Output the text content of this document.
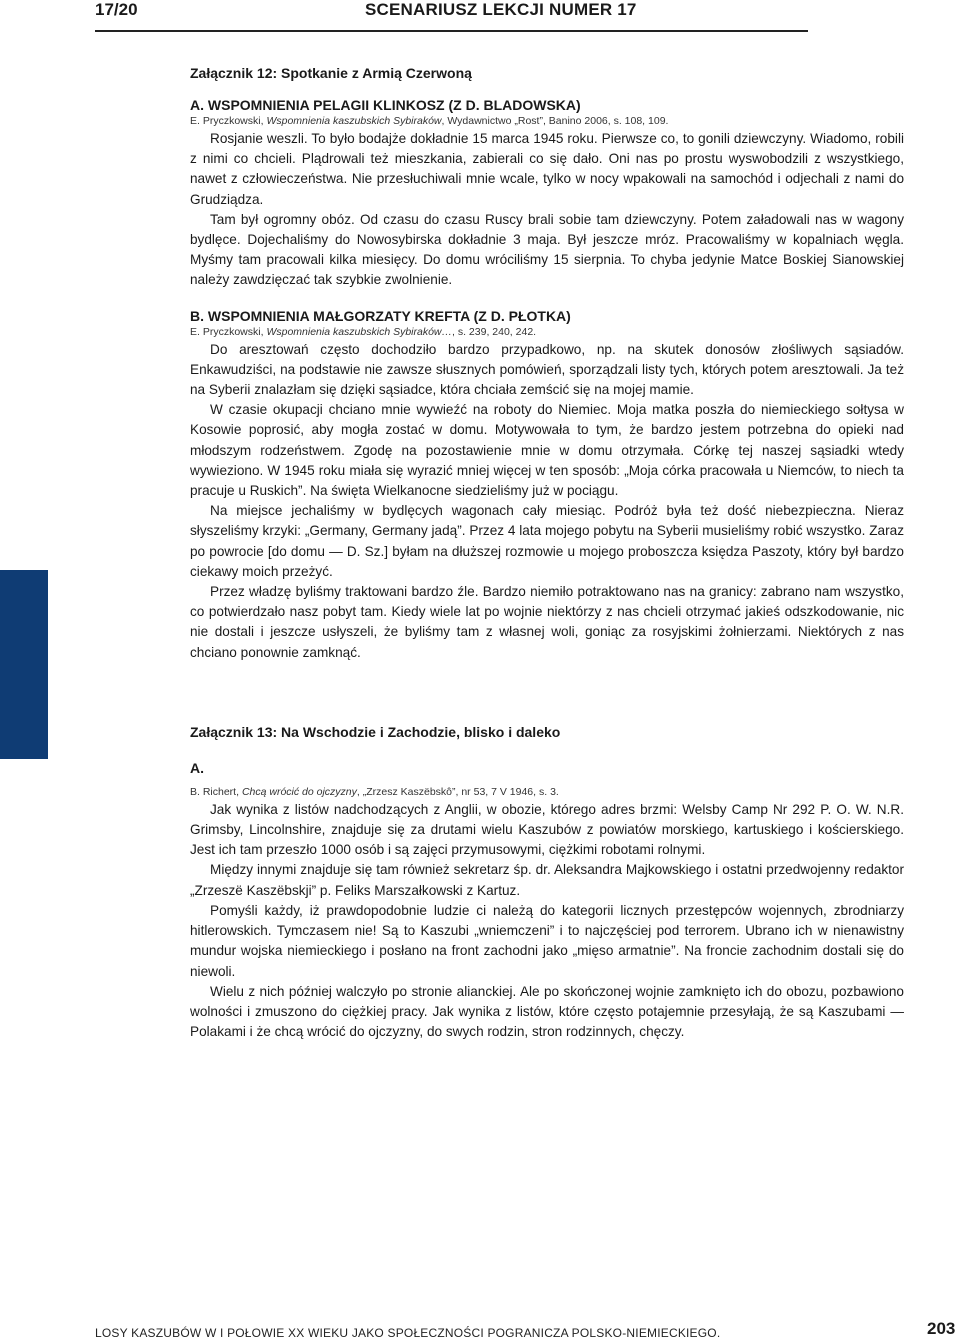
17/20	SCENARIUSZ LEKCJI NUMER 17
Załącznik 12: Spotkanie z Armią Czerwoną
A. WSPOMNIENIA PELAGII KLINKOSZ (Z D. BLADOWSKA)

E. Pryczkowski, Wspomnienia kaszubskich Sybiraków, Wydawnictwo „Rost”, Banino 2006, s. 108, 109.

Rosjanie weszli. To było bodajże dokładnie 15 marca 1945 roku. Pierwsze co, to gonili dziewczyny. Wiadomo, robili z nimi co chcieli. Plądrowali też mieszkania, zabierali co się dało. Oni nas po prostu wyswobodzili z wszystkiego, nawet z człowieczeństwa. Nie przesłuchiwali mnie wcale, tylko w nocy wpakowali na samochód i odjechali z nami do Grudziądza.

Tam był ogromny obóz. Od czasu do czasu Ruscy brali sobie tam dziewczyny. Potem załadowali nas w wagony bydlęce. Dojechaliśmy do Nowosybirska dokładnie 3 maja. Był jeszcze mróz. Pracowaliśmy w kopalniach węgla. Myśmy tam pracowali kilka miesięcy. Do domu wróciliśmy 15 sierpnia. To chyba jedynie Matce Boskiej Sianowskiej należy zawdzięczać tak szybkie zwolnienie.

B. WSPOMNIENIA MAŁGORZATY KREFTA (Z D. PŁOTKA)

E. Pryczkowski, Wspomnienia kaszubskich Sybiraków…, s. 239, 240, 242.

Do aresztowań często dochodziło bardzo przypadkowo, np. na skutek donosów złośliwych sąsiadów. Enkawudziści, na podstawie nie zawsze słusznych pomówień, sporządzali listy tych, których potem aresztowali. Ja też na Syberii znalazłam się dzięki sąsiadce, która chciała zemścić się na mojej mamie.

W czasie okupacji chciano mnie wywieźć na roboty do Niemiec. Moja matka poszła do niemieckiego sołtysa w Kosowie poprosić, aby mogła zostać w domu. Motywowała to tym, że bardzo jestem potrzebna do opieki nad młodszym rodzeństwem. Zgodę na pozostawienie mnie w domu otrzymała. Córkę tej naszej sąsiadki wtedy wywieziono. W 1945 roku miała się wyrazić mniej więcej w ten sposób: „Moja córka pracowała u Niemców, to niech ta pracuje u Ruskich”. Na święta Wielkanocne siedzieliśmy już w pociągu.

Na miejsce jechaliśmy w bydlęcych wagonach cały miesiąc. Podróż była też dość niebezpieczna. Nieraz słyszeliśmy krzyki: „Germany, Germany jadą”. Przez 4 lata mojego pobytu na Syberii musieliśmy robić wszystko. Zaraz po powrocie [do domu — D. Sz.] byłam na dłuższej rozmowie u mojego proboszcza księdza Paszoty, który był bardzo ciekawy moich przeżyć.

Przez władzę byliśmy traktowani bardzo źle. Bardzo niemiło potraktowano nas na granicy: zabrano nam wszystko, co potwierdzało nasz pobyt tam. Kiedy wiele lat po wojnie niektórzy z nas chcieli otrzymać jakieś odszkodowanie, nic nie dostali i jeszcze usłyszeli, że byliśmy tam z własnej woli, goniąc za rosyjskimi żołnierzami. Niektórych z nas chciano ponownie zamknąć.

Załącznik 13: Na Wschodzie i Zachodzie, blisko i daleko
A.

B. Richert, Chcą wrócić do ojczyzny, „Zrzesz Kaszëbskô”, nr 53, 7 V 1946, s. 3.

Jak wynika z listów nadchodzących z Anglii, w obozie, którego adres brzmi: Welsby Camp Nr 292 P. O. W. N.R. Grimsby, Lincolnshire, znajduje się za drutami wielu Kaszubów z powiatów morskiego, kartuskiego i kościerskiego. Jest ich tam przeszło 1000 osób i są zajęci przymusowymi, ciężkimi robotami rolnymi.

Między innymi znajduje się tam również sekretarz śp. dr. Aleksandra Majkowskiego i ostatni przedwojenny redaktor „Zrzeszë Kaszëbskji” p. Feliks Marszałkowski z Kartuz.

Pomyśli każdy, iż prawdopodobnie ludzie ci należą do kategorii licznych przestępców wojennych, zbrodniarzy hitlerowskich. Tymczasem nie! Są to Kaszubi „wniemczeni” i to najczęściej pod terrorem. Ubrano ich w nienawistny mundur wojska niemieckiego i posłano na front zachodni jako „mięso armatnie”. Na froncie zachodnim dostali się do niewoli.

Wielu z nich później walczyło po stronie alianckiej. Ale po skończonej wojnie zamknięto ich do obozu, pozbawiono wolności i zmuszono do ciężkiej pracy. Jak wynika z listów, które często potajemnie przesyłają, że są Kaszubami — Polakami i że chcą wrócić do ojczyzny, do swych rodzin, stron rodzinnych, chęczy.

LOSY KASZUBÓW W I POŁOWIE XX WIEKU JAKO SPOŁECZNOŚCI POGRANICZA POLSKO-NIEMIECKIEGO.	203
